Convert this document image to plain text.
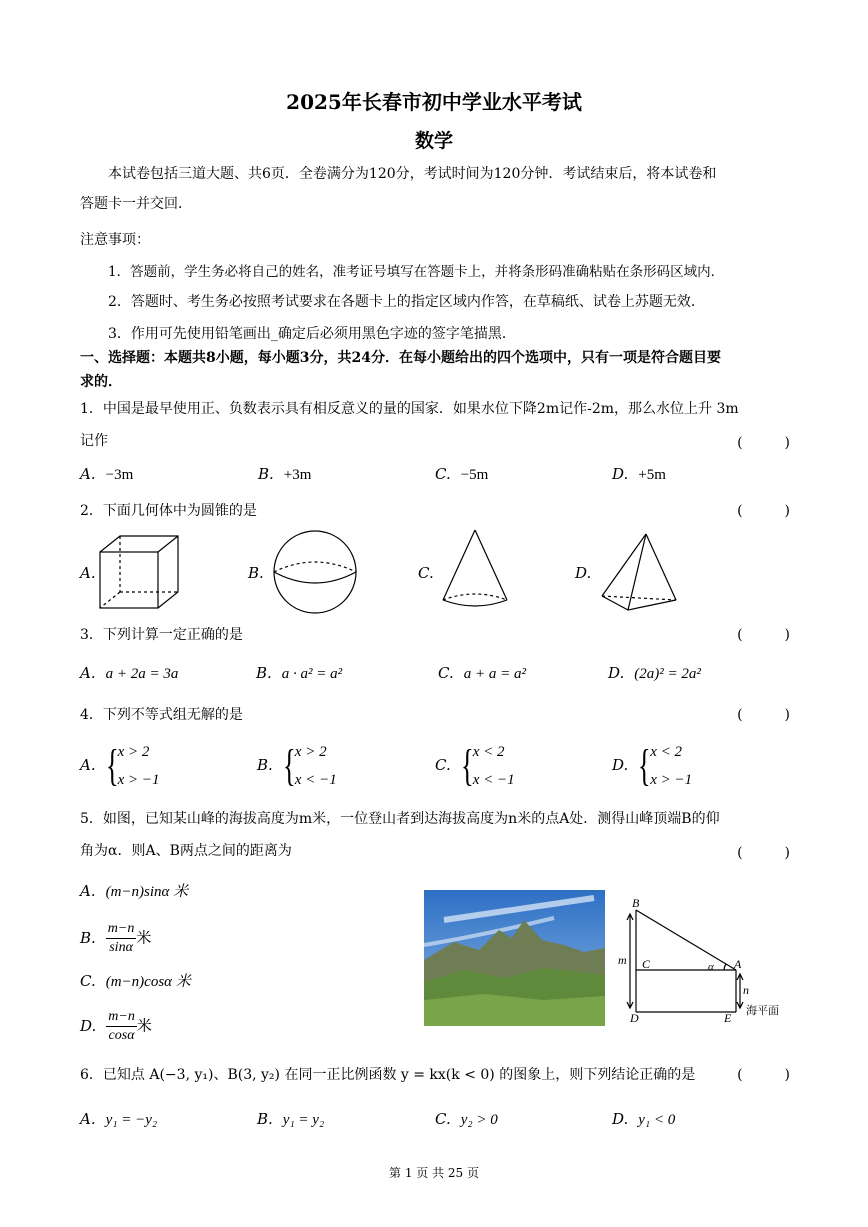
2025年长春市初中学业水平考试
数学
本试卷包括三道大题、共6页．全卷满分为120分，考试时间为120分钟．考试结束后，将本试卷和
答题卡一并交回．
注意事项：
1．答题前，学生务必将自己的姓名，准考证号填写在答题卡上，并将条形码准确粘贴在条形码区域内．
2．答题时、考生务必按照考试要求在各题卡上的指定区域内作答，在草稿纸、试卷上苏题无效．
3．作用可先使用铅笔画出_确定后必须用黑色字迹的签字笔描黑．
一、选择题：本题共8小题，每小题3分，共24分．在每小题给出的四个选项中，只有一项是符合题目要
求的．
1．中国是最早使用正、负数表示具有相反意义的量的国家．如果水位下降2m记作-2m，那么水位上升 3m
记作	(　　　)
A. −3m	B. +3m	C. −5m	D. +5m
2．下面几何体中为圆锥的是	(　　　)
A.	B.	C.	D.
3．下列计算一定正确的是	(　　　)
A. a + 2a = 3a	B. a · a² = a²	C. a + a = a²	D. (2a)² = 2a²
4．下列不等式组无解的是	(　　　)
A. { x > 2
x > −1
B. { x > 2
x < −1
C. { x < 2
x < −1
D. { x < 2
x > −1
5．如图，已知某山峰的海拔高度为m米，一位登山者到达海拔高度为n米的点A处．测得山峰顶端B的仰
角为α．则A、B两点之间的距离为	(　　　)
A. (m−n)sinα 米
B. $\frac{m-n}{\sin\alpha}$ 米
C. (m−n)cosα 米
D. $\frac{m-n}{\cos\alpha}$ 米
B
C	A
D	E
m
n
α
海平面
6．已知点 A(−3, y₁)、B(3, y₂) 在同一正比例函数 y = kx(k < 0) 的图象上，则下列结论正确的是	(　　　)
A. y₁ = −y₂	B. y₁ = y₂	C. y₂ > 0	D. y₁ < 0
第 1 页 共 25 页
